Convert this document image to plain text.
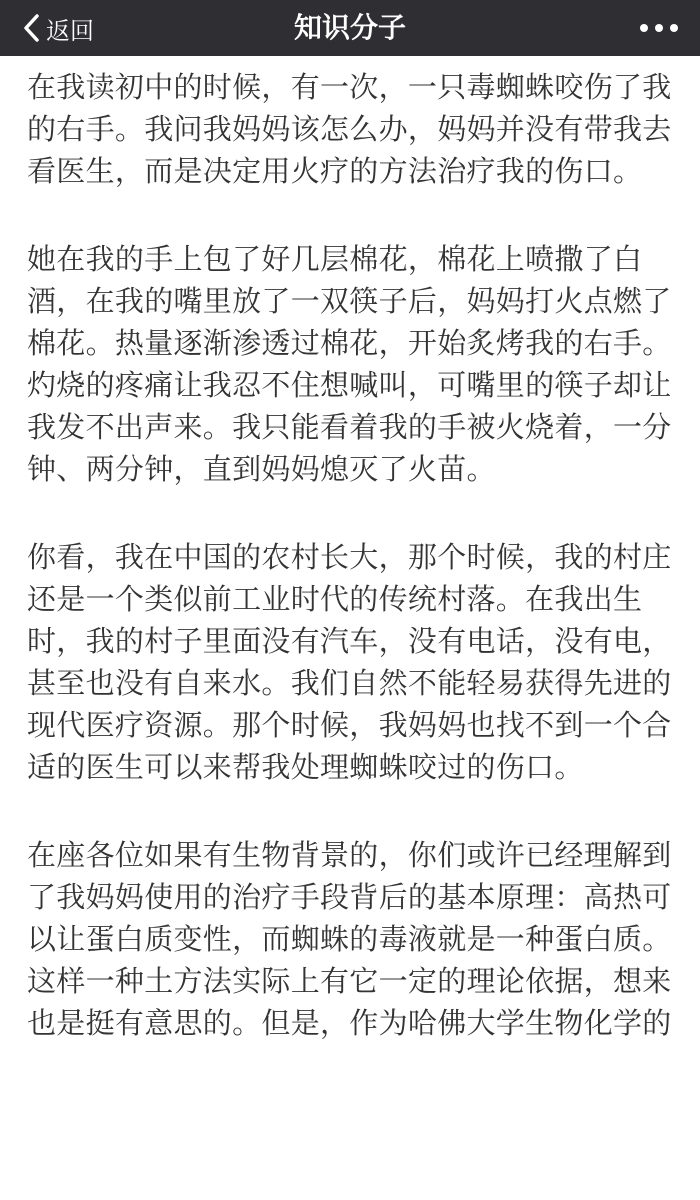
返回	知识分子

在我读初中的时候，有一次，一只毒蜘蛛咬伤了我的右手。我问我妈妈该怎么办，妈妈并没有带我去看医生，而是决定用火疗的方法治疗我的伤口。

她在我的手上包了好几层棉花，棉花上喷撒了白酒，在我的嘴里放了一双筷子后，妈妈打火点燃了棉花。热量逐渐渗透过棉花，开始炙烤我的右手。灼烧的疼痛让我忍不住想喊叫，可嘴里的筷子却让我发不出声来。我只能看着我的手被火烧着，一分钟、两分钟，直到妈妈熄灭了火苗。

你看，我在中国的农村长大，那个时候，我的村庄还是一个类似前工业时代的传统村落。在我出生时，我的村子里面没有汽车，没有电话，没有电，甚至也没有自来水。我们自然不能轻易获得先进的现代医疗资源。那个时候，我妈妈也找不到一个合适的医生可以来帮我处理蜘蛛咬过的伤口。

在座各位如果有生物背景的，你们或许已经理解到了我妈妈使用的治疗手段背后的基本原理：高热可以让蛋白质变性，而蜘蛛的毒液就是一种蛋白质。这样一种土方法实际上有它一定的理论依据，想来也是挺有意思的。但是，作为哈佛大学生物化学的
